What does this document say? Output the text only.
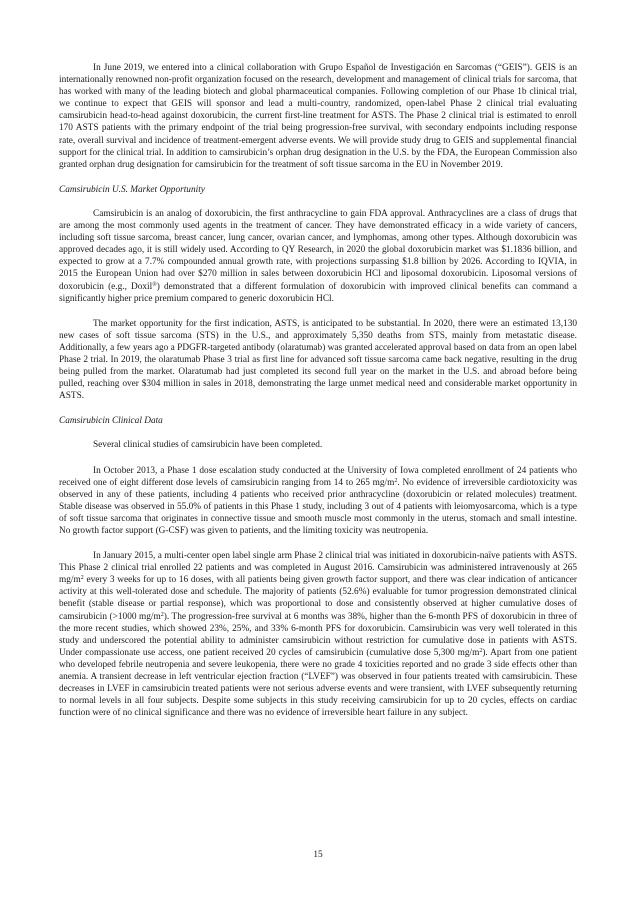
In June 2019, we entered into a clinical collaboration with Grupo Español de Investigación en Sarcomas (“GEIS”). GEIS is an internationally renowned non-profit organization focused on the research, development and management of clinical trials for sarcoma, that has worked with many of the leading biotech and global pharmaceutical companies. Following completion of our Phase 1b clinical trial, we continue to expect that GEIS will sponsor and lead a multi-country, randomized, open-label Phase 2 clinical trial evaluating camsirubicin head-to-head against doxorubicin, the current first-line treatment for ASTS. The Phase 2 clinical trial is estimated to enroll 170 ASTS patients with the primary endpoint of the trial being progression-free survival, with secondary endpoints including response rate, overall survival and incidence of treatment-emergent adverse events. We will provide study drug to GEIS and supplemental financial support for the clinical trial. In addition to camsirubicin’s orphan drug designation in the U.S. by the FDA, the European Commission also granted orphan drug designation for camsirubicin for the treatment of soft tissue sarcoma in the EU in November 2019.

Camsirubicin U.S. Market Opportunity

Camsirubicin is an analog of doxorubicin, the first anthracycline to gain FDA approval. Anthracyclines are a class of drugs that are among the most commonly used agents in the treatment of cancer. They have demonstrated efficacy in a wide variety of cancers, including soft tissue sarcoma, breast cancer, lung cancer, ovarian cancer, and lymphomas, among other types. Although doxorubicin was approved decades ago, it is still widely used. According to QY Research, in 2020 the global doxorubicin market was $1.1836 billion, and expected to grow at a 7.7% compounded annual growth rate, with projections surpassing $1.8 billion by 2026. According to IQVIA, in 2015 the European Union had over $270 million in sales between doxorubicin HCl and liposomal doxorubicin. Liposomal versions of doxorubicin (e.g., Doxil®) demonstrated that a different formulation of doxorubicin with improved clinical benefits can command a significantly higher price premium compared to generic doxorubicin HCl.

The market opportunity for the first indication, ASTS, is anticipated to be substantial. In 2020, there were an estimated 13,130 new cases of soft tissue sarcoma (STS) in the U.S., and approximately 5,350 deaths from STS, mainly from metastatic disease. Additionally, a few years ago a PDGFR-targeted antibody (olaratumab) was granted accelerated approval based on data from an open label Phase 2 trial. In 2019, the olaratumab Phase 3 trial as first line for advanced soft tissue sarcoma came back negative, resulting in the drug being pulled from the market. Olaratumab had just completed its second full year on the market in the U.S. and abroad before being pulled, reaching over $304 million in sales in 2018, demonstrating the large unmet medical need and considerable market opportunity in ASTS.

Camsirubicin Clinical Data

Several clinical studies of camsirubicin have been completed.

In October 2013, a Phase 1 dose escalation study conducted at the University of Iowa completed enrollment of 24 patients who received one of eight different dose levels of camsirubicin ranging from 14 to 265 $mg/m^2$. No evidence of irreversible cardiotoxicity was observed in any of these patients, including 4 patients who received prior anthracycline (doxorubicin or related molecules) treatment. Stable disease was observed in 55.0% of patients in this Phase 1 study, including 3 out of 4 patients with leiomyosarcoma, which is a type of soft tissue sarcoma that originates in connective tissue and smooth muscle most commonly in the uterus, stomach and small intestine. No growth factor support (G-CSF) was given to patients, and the limiting toxicity was neutropenia.

In January 2015, a multi-center open label single arm Phase 2 clinical trial was initiated in doxorubicin-naïve patients with ASTS. This Phase 2 clinical trial enrolled 22 patients and was completed in August 2016. Camsirubicin was administered intravenously at 265 $mg/m^2$ every 3 weeks for up to 16 doses, with all patients being given growth factor support, and there was clear indication of anticancer activity at this well-tolerated dose and schedule. The majority of patients (52.6%) evaluable for tumor progression demonstrated clinical benefit (stable disease or partial response), which was proportional to dose and consistently observed at higher cumulative doses of camsirubicin (>1000 $mg/m^2$). The progression-free survival at 6 months was 38%, higher than the 6-month PFS of doxorubicin in three of the more recent studies, which showed 23%, 25%, and 33% 6-month PFS for doxorubicin. Camsirubicin was very well tolerated in this study and underscored the potential ability to administer camsirubicin without restriction for cumulative dose in patients with ASTS. Under compassionate use access, one patient received 20 cycles of camsirubicin (cumulative dose 5,300 $mg/m^2$). Apart from one patient who developed febrile neutropenia and severe leukopenia, there were no grade 4 toxicities reported and no grade 3 side effects other than anemia. A transient decrease in left ventricular ejection fraction (“LVEF”) was observed in four patients treated with camsirubicin. These decreases in LVEF in camsirubicin treated patients were not serious adverse events and were transient, with LVEF subsequently returning to normal levels in all four subjects. Despite some subjects in this study receiving camsirubicin for up to 20 cycles, effects on cardiac function were of no clinical significance and there was no evidence of irreversible heart failure in any subject.

15
